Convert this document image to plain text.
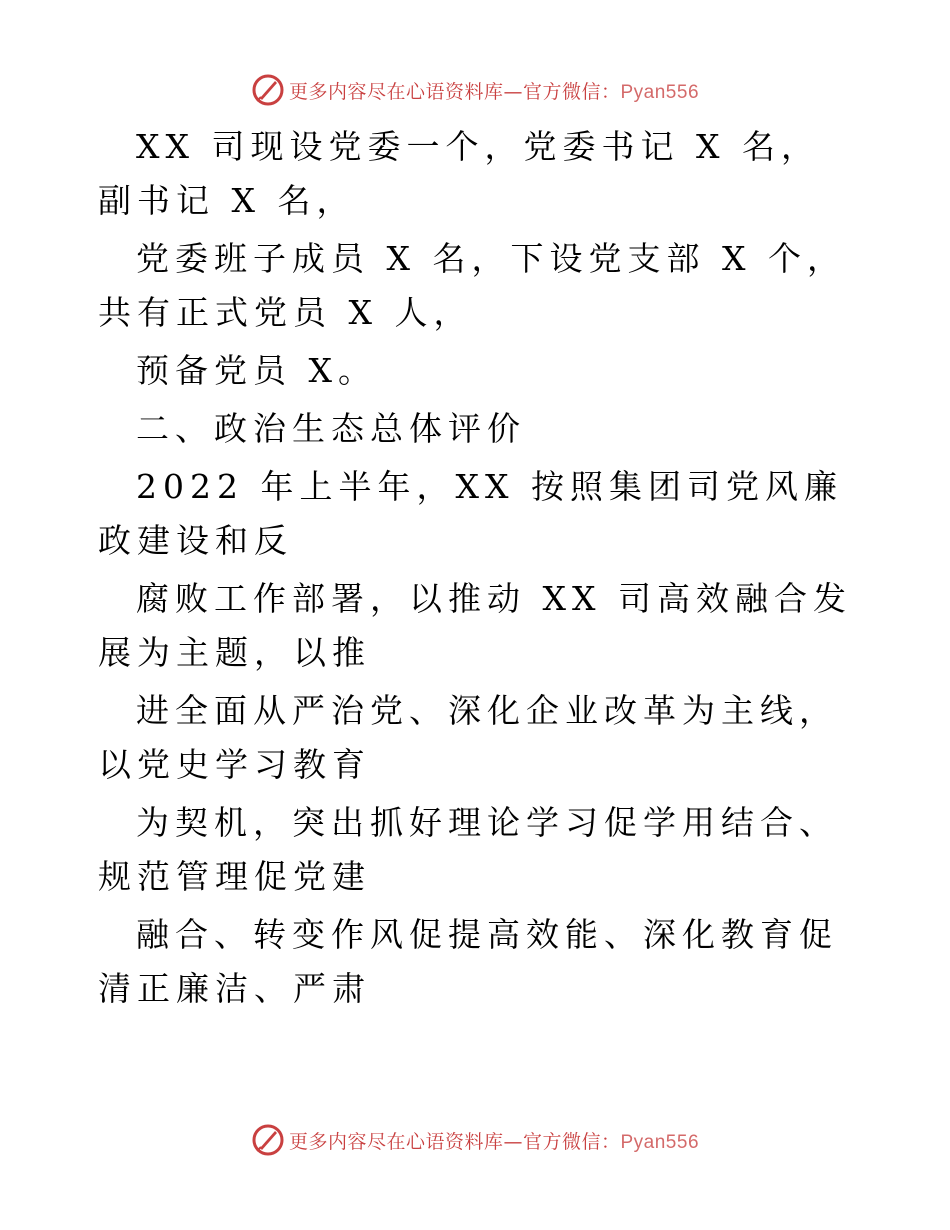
更多内容尽在心语资料库—官方微信：Pyan556

XX 司现设党委一个，党委书记 X 名，副书记 X 名，

党委班子成员 X 名，下设党支部 X 个，共有正式党员 X 人，

预备党员 X。

二、政治生态总体评价

2022 年上半年，XX 按照集团司党风廉政建设和反

腐败工作部署，以推动 XX 司高效融合发展为主题，以推

进全面从严治党、深化企业改革为主线，以党史学习教育

为契机，突出抓好理论学习促学用结合、规范管理促党建

融合、转变作风促提高效能、深化教育促清正廉洁、严肃

更多内容尽在心语资料库—官方微信：Pyan556
